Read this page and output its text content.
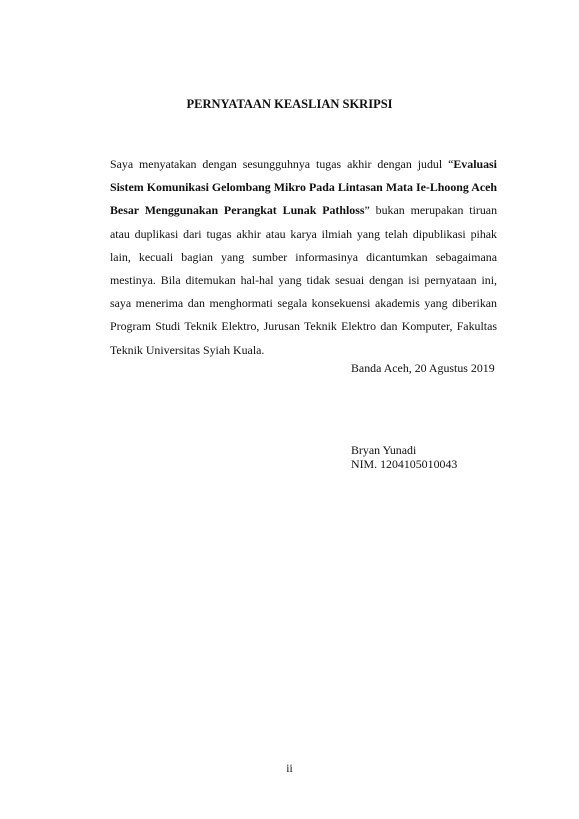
PERNYATAAN KEASLIAN SKRIPSI

Saya menyatakan dengan sesungguhnya tugas akhir dengan judul “Evaluasi Sistem Komunikasi Gelombang Mikro Pada Lintasan Mata Ie-Lhoong Aceh Besar Menggunakan Perangkat Lunak Pathloss” bukan merupakan tiruan atau duplikasi dari tugas akhir atau karya ilmiah yang telah dipublikasi pihak lain, kecuali bagian yang sumber informasinya dicantumkan sebagaimana mestinya. Bila ditemukan hal-hal yang tidak sesuai dengan isi pernyataan ini, saya menerima dan menghormati segala konsekuensi akademis yang diberikan Program Studi Teknik Elektro, Jurusan Teknik Elektro dan Komputer, Fakultas Teknik Universitas Syiah Kuala.

Banda Aceh, 20 Agustus 2019
Bryan Yunadi
NIM. 1204105010043
ii
